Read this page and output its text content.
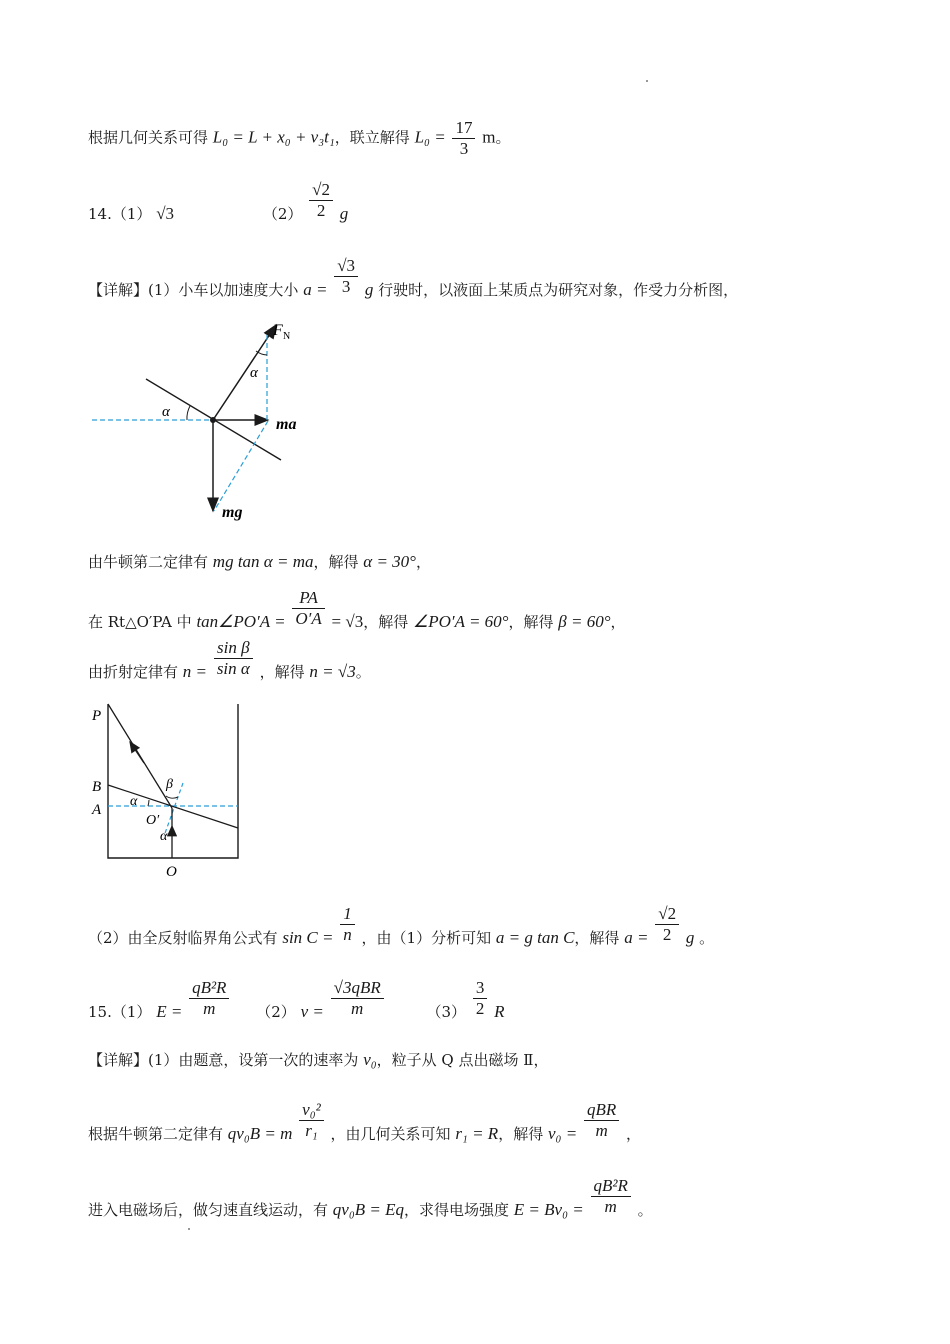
根据几何关系可得 L₀ = L + x₀ + v₃t₁，联立解得 $L_0 = \frac{17}{3}$ m。
14.（1） √3	$(2) \frac{√2}{2}$ g
【详解】(1）小车以加速度大小 $a = \frac{√3}{3}$ g 行驶时，以液面上某质点为研究对象，作受力分析图，
F N
α
α
ma
mg
由牛顿第二定律有 mg tan α = ma，解得 α = 30°，
在 Rt△O′PA 中 tan∠PO′A = $\frac{PA}{O'A} = √3$，解得 ∠PO′A = 60°，解得 β = 60°，
由折射定律有 $n = \frac{\text{sin β}}{\text{sin α}}$ ，解得 n = √3。
P
B
A
α
β
O′
α
O
（2）由全反射临界角公式有 $\sin C = \frac{1}{n}$ ，由（1）分析可知 a = g tan C，解得 $a = \frac{√2}{2}$ g 。
15.（1） $E = \frac{\text{qB²R}}{m} (2) v = \frac{\text{√3qBR}}{m}$	$(3) \frac{3}{2}$ R
【详解】(1）由题意，设第一次的速率为 v₀，粒子从 Q 点出磁场 Ⅱ，
根据牛顿第二定律有 qv₀B = m $\frac{\text{v₀²}}{\text{r₁}}$ ，由几何关系可知 r₁ = R，解得 $v_0 = \frac{\text{qBR}}{m}$ ，
进入电磁场后，做匀速直线运动，有 qv₀B = Eq，求得电场强度 $E = Bv_0 = \frac{\text{qB²R}}{m}$ 。
